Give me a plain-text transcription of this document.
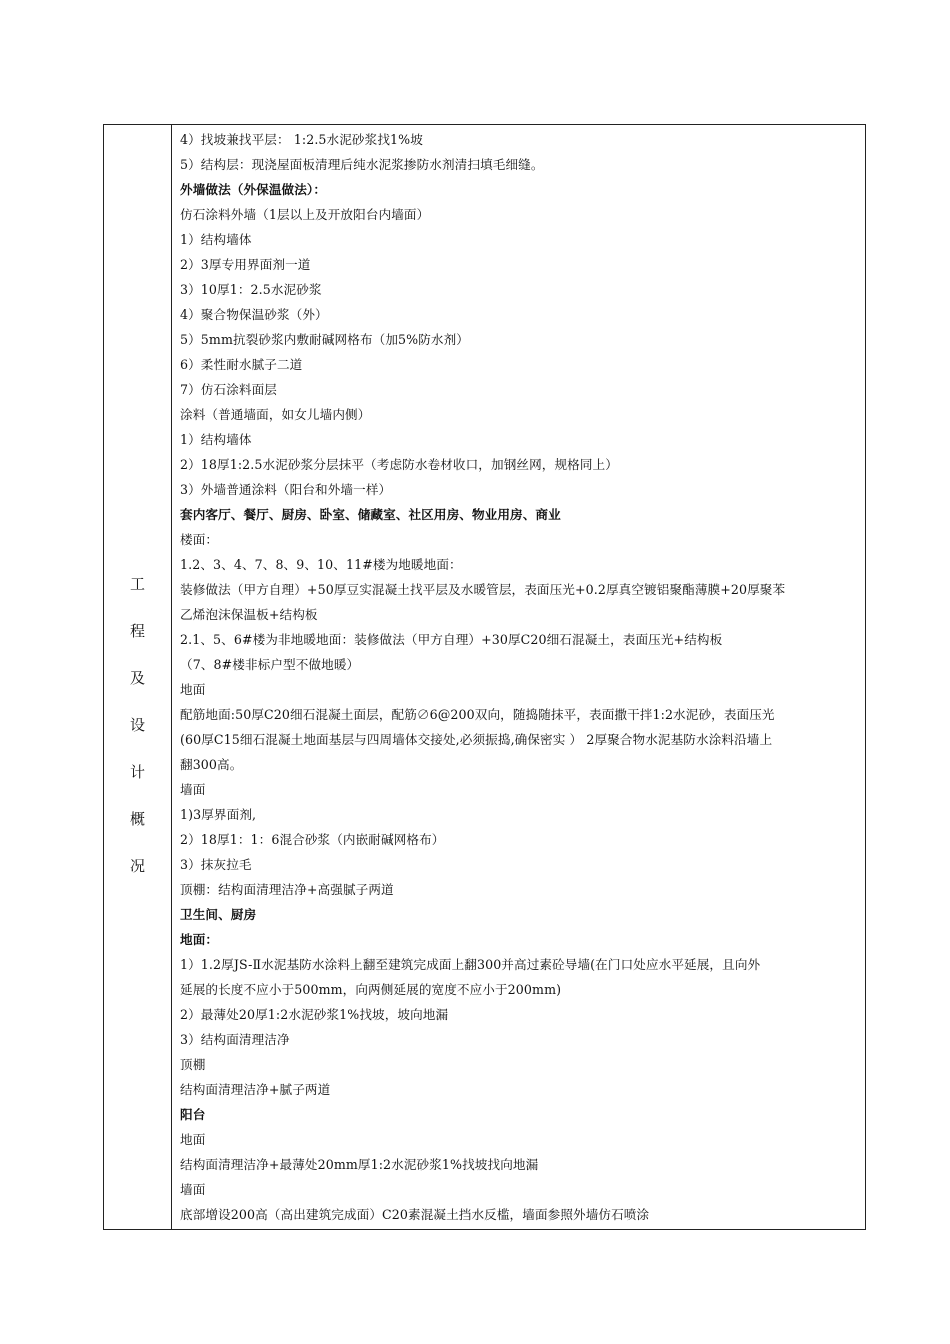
工
程
及
设
计
概
况
4）找坡兼找平层： 1:2.5水泥砂浆找1%坡
5）结构层：现浇屋面板清理后纯水泥浆掺防水剂清扫填毛细缝。
外墙做法（外保温做法）：
仿石涂料外墙（1层以上及开放阳台内墙面）
1）结构墙体
2）3厚专用界面剂一道
3）10厚1：2.5水泥砂浆
4）聚合物保温砂浆（外）
5）5mm抗裂砂浆内敷耐碱网格布（加5%防水剂）
6）柔性耐水腻子二道
7）仿石涂料面层
涂料（普通墙面，如女儿墙内侧）
1）结构墙体
2）18厚1:2.5水泥砂浆分层抹平（考虑防水卷材收口，加钢丝网，规格同上）
3）外墙普通涂料（阳台和外墙一样）
套内客厅、餐厅、厨房、卧室、储藏室、社区用房、物业用房、商业
楼面：
1.2、3、4、7、8、9、10、11#楼为地暖地面：
装修做法（甲方自理）+50厚豆实混凝土找平层及水暖管层，表面压光+0.2厚真空镀铝聚酯薄膜+20厚聚苯
乙烯泡沫保温板+结构板
2.1、5、6#楼为非地暖地面：装修做法（甲方自理）+30厚C20细石混凝土，表面压光+结构板
（7、8#楼非标户型不做地暖）
地面
配筋地面:50厚C20细石混凝土面层，配筋∅6@200双向，随捣随抹平，表面撒干拌1:2水泥砂，表面压光
(60厚C15细石混凝土地面基层与四周墙体交接处,必须振捣,确保密实 ） 2厚聚合物水泥基防水涂料沿墙上
翻300高。
墙面
1)3厚界面剂,
2）18厚1：1：6混合砂浆（内嵌耐碱网格布）
3）抹灰拉毛
顶棚：结构面清理洁净+高强腻子两道
卫生间、厨房
地面：
1）1.2厚JS-Ⅱ水泥基防水涂料上翻至建筑完成面上翻300并高过素砼导墙(在门口处应水平延展，且向外
延展的长度不应小于500mm，向两侧延展的宽度不应小于200mm)
2）最薄处20厚1:2水泥砂浆1%找坡，坡向地漏
3）结构面清理洁净
顶棚
结构面清理洁净+腻子两道
阳台
地面
结构面清理洁净+最薄处20mm厚1:2水泥砂浆1%找坡找向地漏
墙面
底部增设200高（高出建筑完成面）C20素混凝土挡水反槛，墙面参照外墙仿石喷涂
